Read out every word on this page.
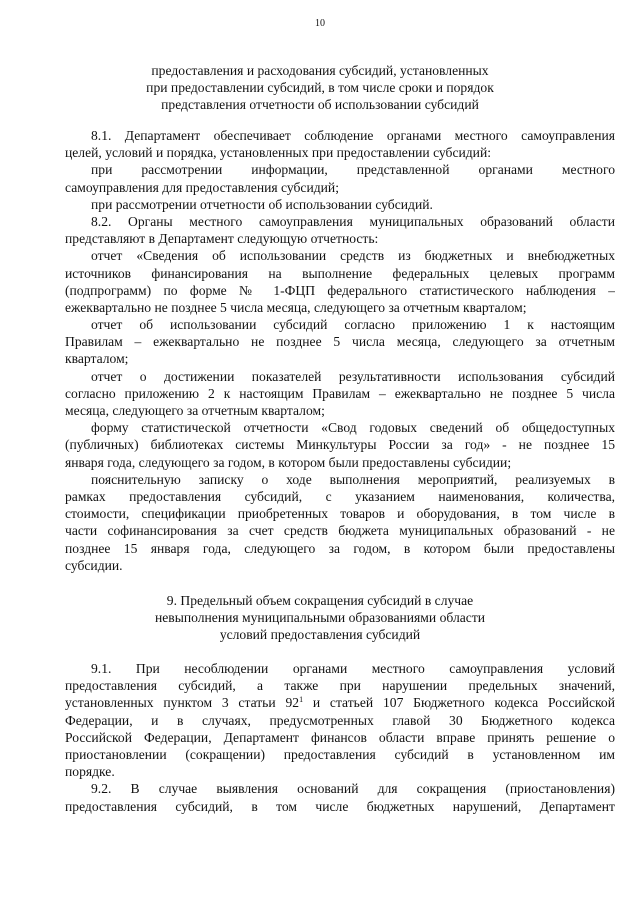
10
предоставления и расходования субсидий, установленных
при предоставлении субсидий, в том числе сроки и порядок
представления отчетности об использовании субсидий
8.1. Департамент обеспечивает соблюдение органами местного самоуправления
целей, условий и порядка, установленных при предоставлении субсидий:
при рассмотрении информации, представленной органами местного
самоуправления для предоставления субсидий;
при рассмотрении отчетности об использовании субсидий.
8.2. Органы местного самоуправления муниципальных образований области
представляют в Департамент следующую отчетность:
отчет «Сведения об использовании средств из бюджетных и внебюджетных
источников финансирования на выполнение федеральных целевых программ
(подпрограмм) по форме № 1-ФЦП федерального статистического наблюдения –
ежеквартально не позднее 5 числа месяца, следующего за отчетным кварталом;
отчет об использовании субсидий согласно приложению 1 к настоящим
Правилам – ежеквартально не позднее 5 числа месяца, следующего за отчетным
кварталом;
отчет о достижении показателей результативности использования субсидий
согласно приложению 2 к настоящим Правилам – ежеквартально не позднее 5 числа
месяца, следующего за отчетным кварталом;
форму статистической отчетности «Свод годовых сведений об общедоступных
(публичных) библиотеках системы Минкультуры России за год» - не позднее 15
января года, следующего за годом, в котором были предоставлены субсидии;
пояснительную записку о ходе выполнения мероприятий, реализуемых в
рамках предоставления субсидий, с указанием наименования, количества,
стоимости, спецификации приобретенных товаров и оборудования, в том числе в
части софинансирования за счет средств бюджета муниципальных образований - не
позднее 15 января года, следующего за годом, в котором были предоставлены
субсидии.
9. Предельный объем сокращения субсидий в случае
невыполнения муниципальными образованиями области
условий предоставления субсидий
9.1. При несоблюдении органами местного самоуправления условий
предоставления субсидий, а также при нарушении предельных значений,
установленных пунктом 3 статьи $92^1$ и статьей 107 Бюджетного кодекса Российской
Федерации, и в случаях, предусмотренных главой 30 Бюджетного кодекса
Российской Федерации, Департамент финансов области вправе принять решение о
приостановлении (сокращении) предоставления субсидий в установленном им
порядке.
9.2. В случае выявления оснований для сокращения (приостановления)
предоставления субсидий, в том числе бюджетных нарушений, Департамент
